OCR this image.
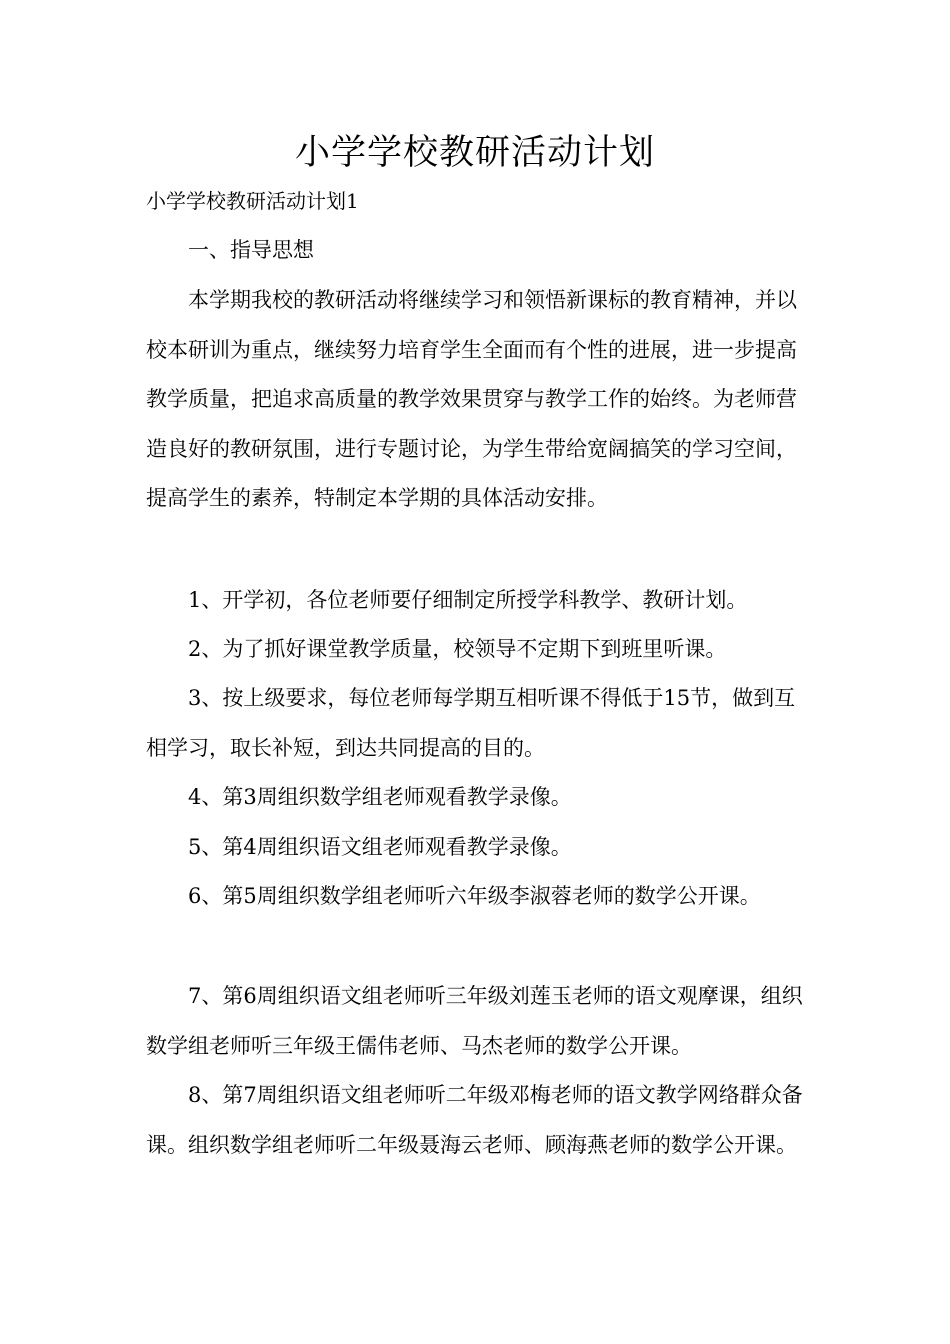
小学学校教研活动计划

小学学校教研活动计划1

一、指导思想

本学期我校的教研活动将继续学习和领悟新课标的教育精神，并以校本研训为重点，继续努力培育学生全面而有个性的进展，进一步提高教学质量，把追求高质量的教学效果贯穿与教学工作的始终。为老师营造良好的教研氛围，进行专题讨论，为学生带给宽阔搞笑的学习空间，提高学生的素养，特制定本学期的具体活动安排。

1、开学初，各位老师要仔细制定所授学科教学、教研计划。

2、为了抓好课堂教学质量，校领导不定期下到班里听课。

3、按上级要求，每位老师每学期互相听课不得低于15节，做到互相学习，取长补短，到达共同提高的目的。

4、第3周组织数学组老师观看教学录像。

5、第4周组织语文组老师观看教学录像。

6、第5周组织数学组老师听六年级李淑蓉老师的数学公开课。

7、第6周组织语文组老师听三年级刘莲玉老师的语文观摩课，组织数学组老师听三年级王儒伟老师、马杰老师的数学公开课。

8、第7周组织语文组老师听二年级邓梅老师的语文教学网络群众备课。组织数学组老师听二年级聂海云老师、顾海燕老师的数学公开课。
